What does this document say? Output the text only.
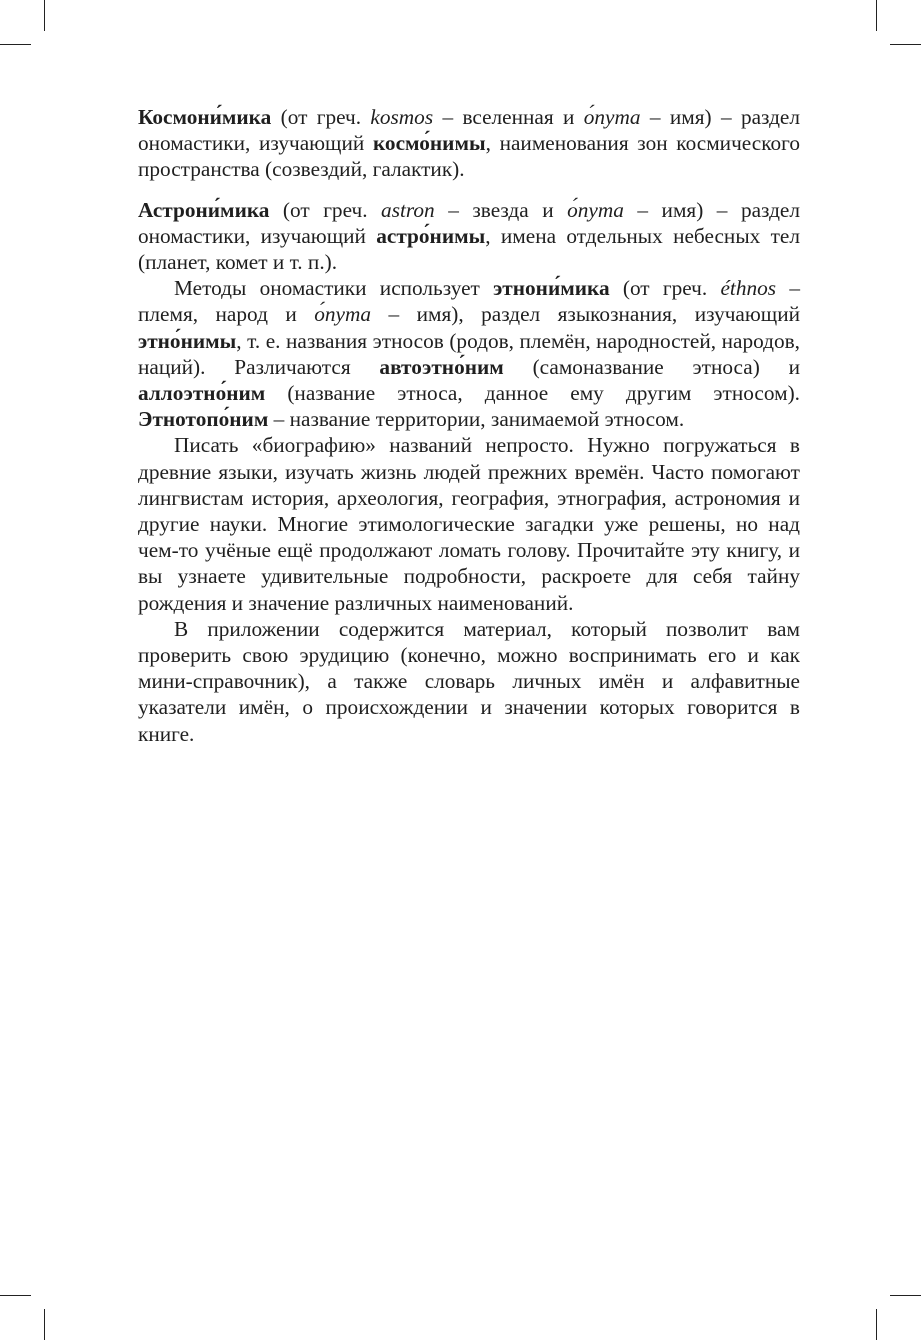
Космони́мика (от греч. kosmos – вселенная и о́nyma – имя) – раздел ономастики, изучающий космо́нимы, наименования зон космического пространства (созвездий, галактик).

Астрони́мика (от греч. astron – звезда и о́nyma – имя) – раздел ономастики, изучающий астро́нимы, имена отдельных небесных тел (планет, комет и т. п.).

Методы ономастики использует этнони́мика (от греч. éthnos – племя, народ и о́nyma – имя), раздел языкознания, изучающий этно́нимы, т. е. названия этносов (родов, племён, народностей, народов, наций). Различаются автоэтно́ним (самоназвание этноса) и аллоэтно́ним (название этноса, данное ему другим этносом). Этнотопо́ним – название территории, занимаемой этносом.

Писать «биографию» названий непросто. Нужно погружаться в древние языки, изучать жизнь людей прежних времён. Часто помогают лингвистам история, археология, география, этнография, астрономия и другие науки. Многие этимологические загадки уже решены, но над чем-то учёные ещё продолжают ломать голову. Прочитайте эту книгу, и вы узнаете удивительные подробности, раскроете для себя тайну рождения и значение различных наименований.

В приложении содержится материал, который позволит вам проверить свою эрудицию (конечно, можно воспринимать его и как мини-справочник), а также словарь личных имён и алфавитные указатели имён, о происхождении и значении которых говорится в книге.
